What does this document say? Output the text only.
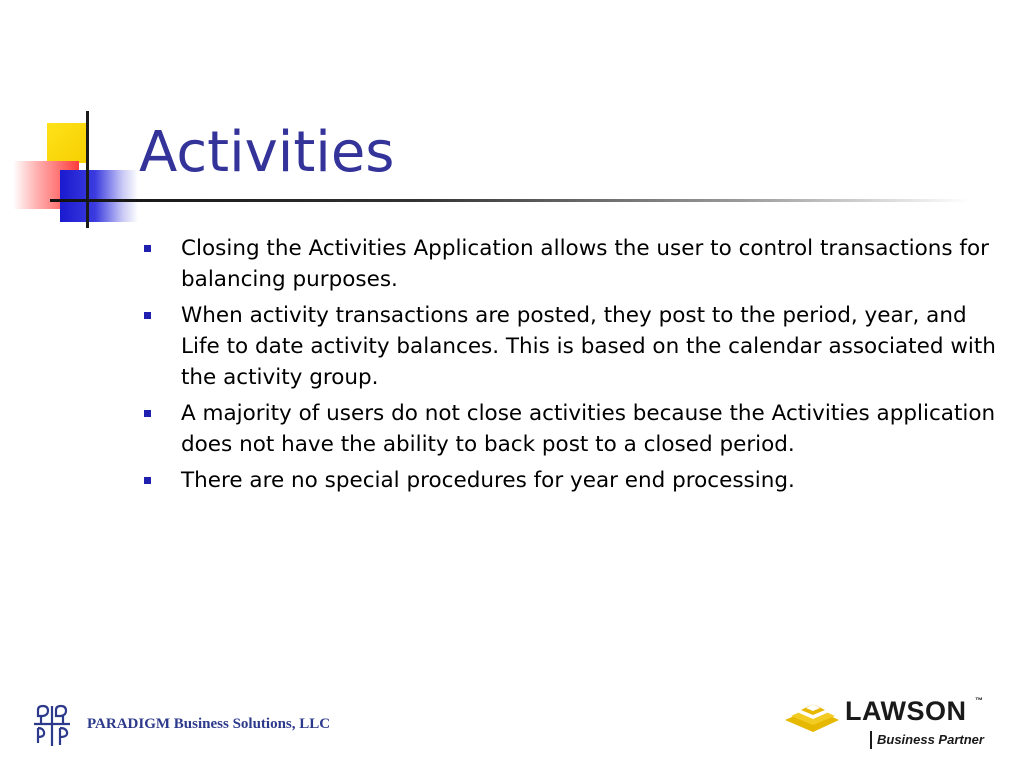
Activities
Closing the Activities Application allows the user to control transactions for balancing purposes.
When activity transactions are posted, they post to the period, year, and Life to date activity balances. This is based on the calendar associated with the activity group.
A majority of users do not close activities because the Activities application does not have the ability to back post to a closed period.
There are no special procedures for year end processing.
PARADIGM Business Solutions, LLC	LAWSON ™
Business Partner
